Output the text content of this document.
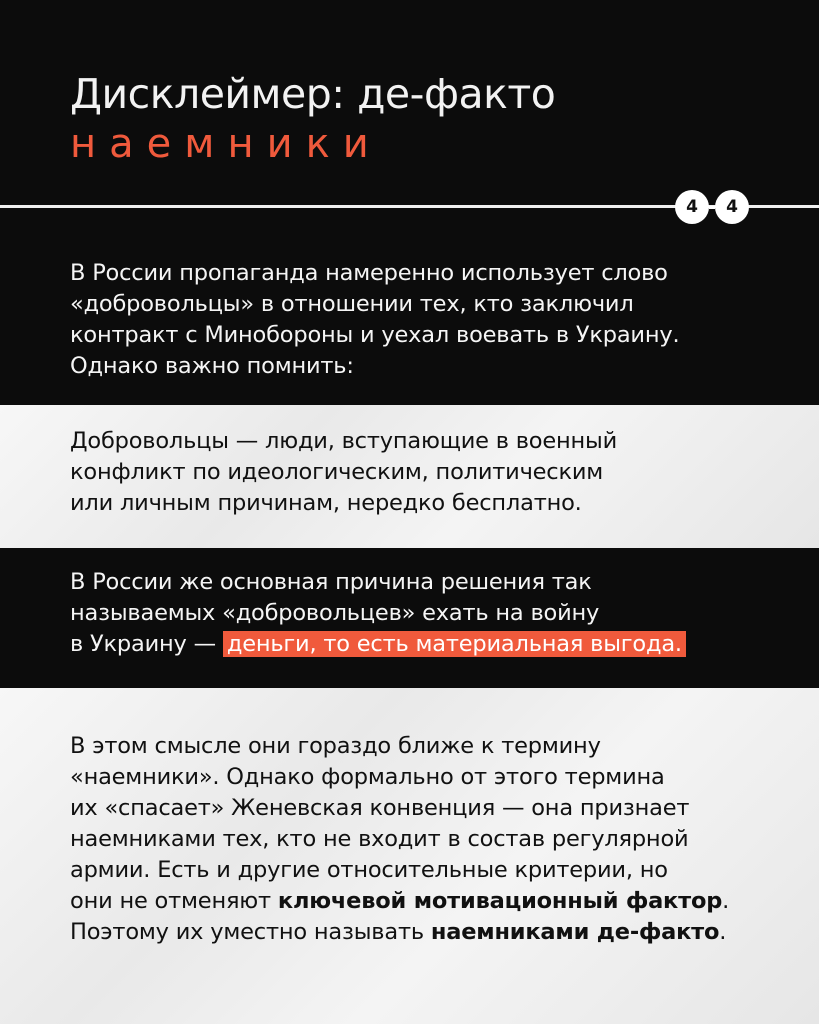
Дисклеймер: де-факто
наемники
4	4
В России пропаганда намеренно использует слово
«добровольцы» в отношении тех, кто заключил
контракт с Минобороны и уехал воевать в Украину.
Однако важно помнить:
Добровольцы — люди, вступающие в военный
конфликт по идеологическим, политическим
или личным причинам, нередко бесплатно.
В России же основная причина решения так
называемых «добровольцев» ехать на войну
в Украину — деньги, то есть материальная выгода.
В этом смысле они гораздо ближе к термину
«наемники». Однако формально от этого термина
их «спасает» Женевская конвенция — она признает
наемниками тех, кто не входит в состав регулярной
армии. Есть и другие относительные критерии, но
они не отменяют ключевой мотивационный фактор.
Поэтому их уместно называть наемниками де-факто.
